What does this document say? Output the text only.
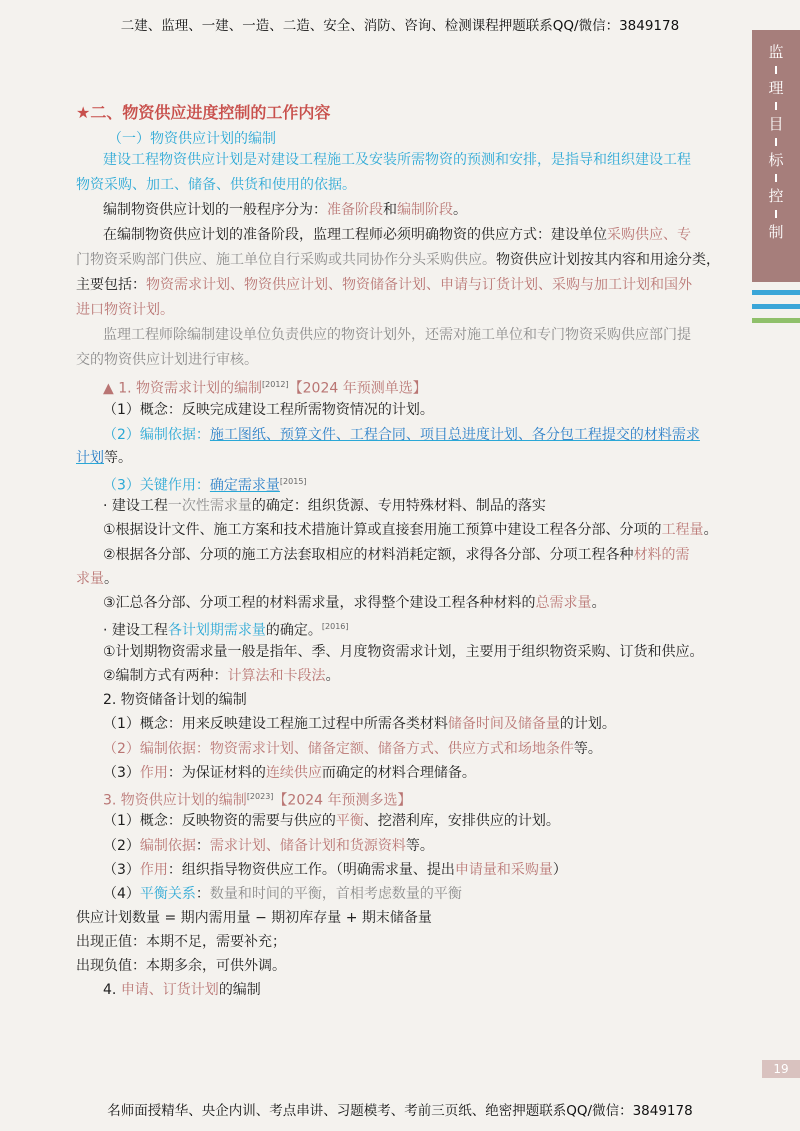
二建、监理、一建、一造、二造、安全、消防、咨询、检测课程押题联系QQ/微信：3849178
监
理
目
标
控
制
★二、物资供应进度控制的工作内容
（一）物资供应计划的编制
建设工程物资供应计划是对建设工程施工及安装所需物资的预测和安排，是指导和组织建设工程
物资采购、加工、储备、供货和使用的依据。
编制物资供应计划的一般程序分为：准备阶段和编制阶段。
在编制物资供应计划的准备阶段，监理工程师必须明确物资的供应方式：建设单位采购供应、专
门物资采购部门供应、施工单位自行采购或共同协作分头采购供应。物资供应计划按其内容和用途分类，
主要包括：物资需求计划、物资供应计划、物资储备计划、申请与订货计划、采购与加工计划和国外
进口物资计划。
监理工程师除编制建设单位负责供应的物资计划外，还需对施工单位和专门物资采购供应部门提
交的物资供应计划进行审核。
▲ 1. 物资需求计划的编制[2012]【2024 年预测单选】
（1）概念：反映完成建设工程所需物资情况的计划。
（2）编制依据：施工图纸、预算文件、工程合同、项目总进度计划、各分包工程提交的材料需求
计划等。
（3）关键作用：确定需求量[2015]
· 建设工程一次性需求量的确定：组织货源、专用特殊材料、制品的落实
①根据设计文件、施工方案和技术措施计算或直接套用施工预算中建设工程各分部、分项的工程量。
②根据各分部、分项的施工方法套取相应的材料消耗定额，求得各分部、分项工程各种材料的需
求量。
③汇总各分部、分项工程的材料需求量，求得整个建设工程各种材料的总需求量。
· 建设工程各计划期需求量的确定。[2016]
①计划期物资需求量一般是指年、季、月度物资需求计划，主要用于组织物资采购、订货和供应。
②编制方式有两种：计算法和卡段法。
2. 物资储备计划的编制
（1）概念：用来反映建设工程施工过程中所需各类材料储备时间及储备量的计划。
（2）编制依据：物资需求计划、储备定额、储备方式、供应方式和场地条件等。
（3）作用：为保证材料的连续供应而确定的材料合理储备。
3. 物资供应计划的编制[2023]【2024 年预测多选】
（1）概念：反映物资的需要与供应的平衡、挖潜利库，安排供应的计划。
（2）编制依据：需求计划、储备计划和货源资料等。
（3）作用：组织指导物资供应工作。（明确需求量、提出申请量和采购量）
（4）平衡关系：数量和时间的平衡，首相考虑数量的平衡
供应计划数量 = 期内需用量 − 期初库存量 + 期末储备量
出现正值：本期不足，需要补充；
出现负值：本期多余，可供外调。
4. 申请、订货计划的编制
19
名师面授精华、央企内训、考点串讲、习题模考、考前三页纸、绝密押题联系QQ/微信：3849178
